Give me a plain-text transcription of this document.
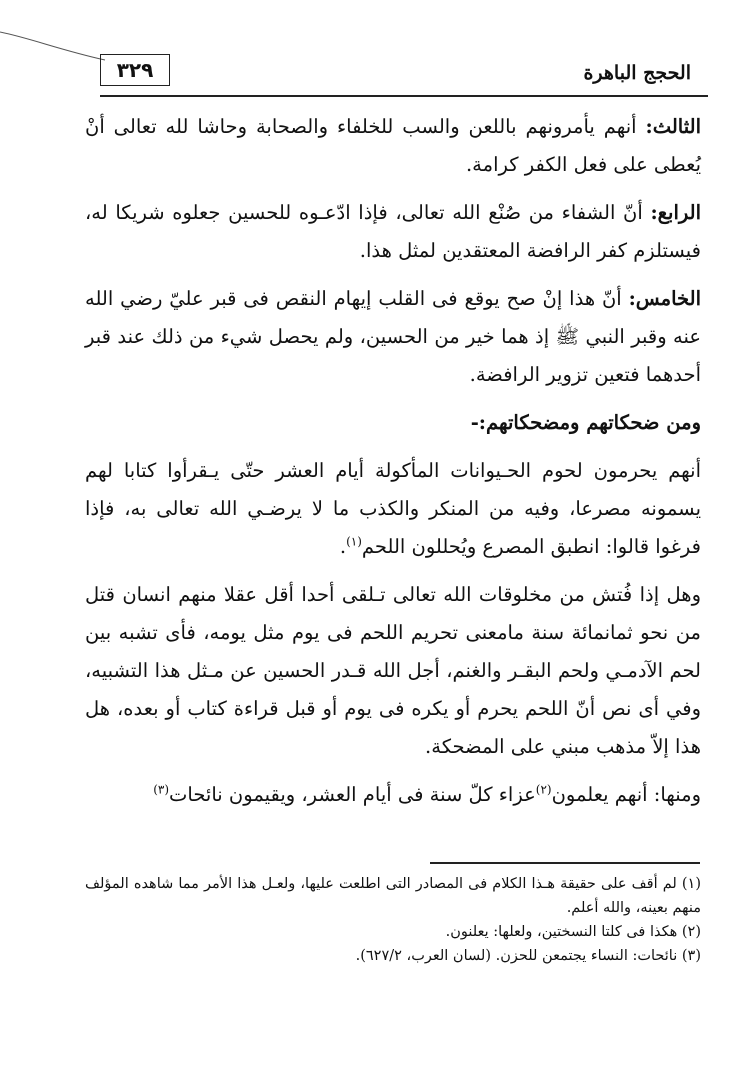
٣٢٩	الحجج الباهرة

الثالث: أنهم يأمرونهم باللعن والسب للخلفاء والصحابة وحاشا لله تعالى أنْ يُعطى على فعل الكفر كرامة.

الرابع: أنّ الشفاء من صُنْع الله تعالى، فإذا ادّعـوه للحسين جعلوه شريكا له، فيستلزم كفر الرافضة المعتقدين لمثل هذا.

الخامس: أنّ هذا إنْ صح يوقع فى القلب إيهام النقص فى قبر عليّ رضي الله عنه وقبر النبي ﷺ إذ هما خير من الحسين، ولم يحصل شيء من ذلك عند قبر أحدهما فتعين تزوير الرافضة.

ومن ضحكاتهم ومضحكاتهم:-

أنهم يحرمون لحوم الحـيوانات المأكولة أيام العشر حتّى يـقرأوا كتابا لهم يسمونه مصرعا، وفيه من المنكر والكذب ما لا يرضـي الله تعالى به، فإذا فرغوا قالوا: انطبق المصرع ويُحللون اللحم$^{(١)}$.

وهل إذا فُتش من مخلوقات الله تعالى تـلقى أحدا أقل عقلا منهم انسان قتل من نحو ثمانمائة سنة مامعنى تحريم اللحم فى يوم مثل يومه، فأى تشبه بين لحم الآدمـي ولحم البقـر والغنم، أجل الله قـدر الحسين عن مـثل هذا التشبيه، وفي أى نص أنّ اللحم يحرم أو يكره فى يوم أو قبل قراءة كتاب أو بعده، هل هذا إلاّ مذهب مبني على المضحكة.

ومنها: أنهم يعلمون$^{(٢)}$عزاء كلّ سنة فى أيام العشر، ويقيمون نائحات$^{(٣)}$

(١) لم أقف على حقيقة هـذا الكلام فى المصادر التى اطلعت عليها، ولعـل هذا الأمر مما شاهده المؤلف منهم بعينه، والله أعلم.

(٢) هكذا فى كلتا النسختين، ولعلها: يعلنون.

(٣) نائحات: النساء يجتمعن للحزن. (لسان العرب، ٦٢٧/٢).
